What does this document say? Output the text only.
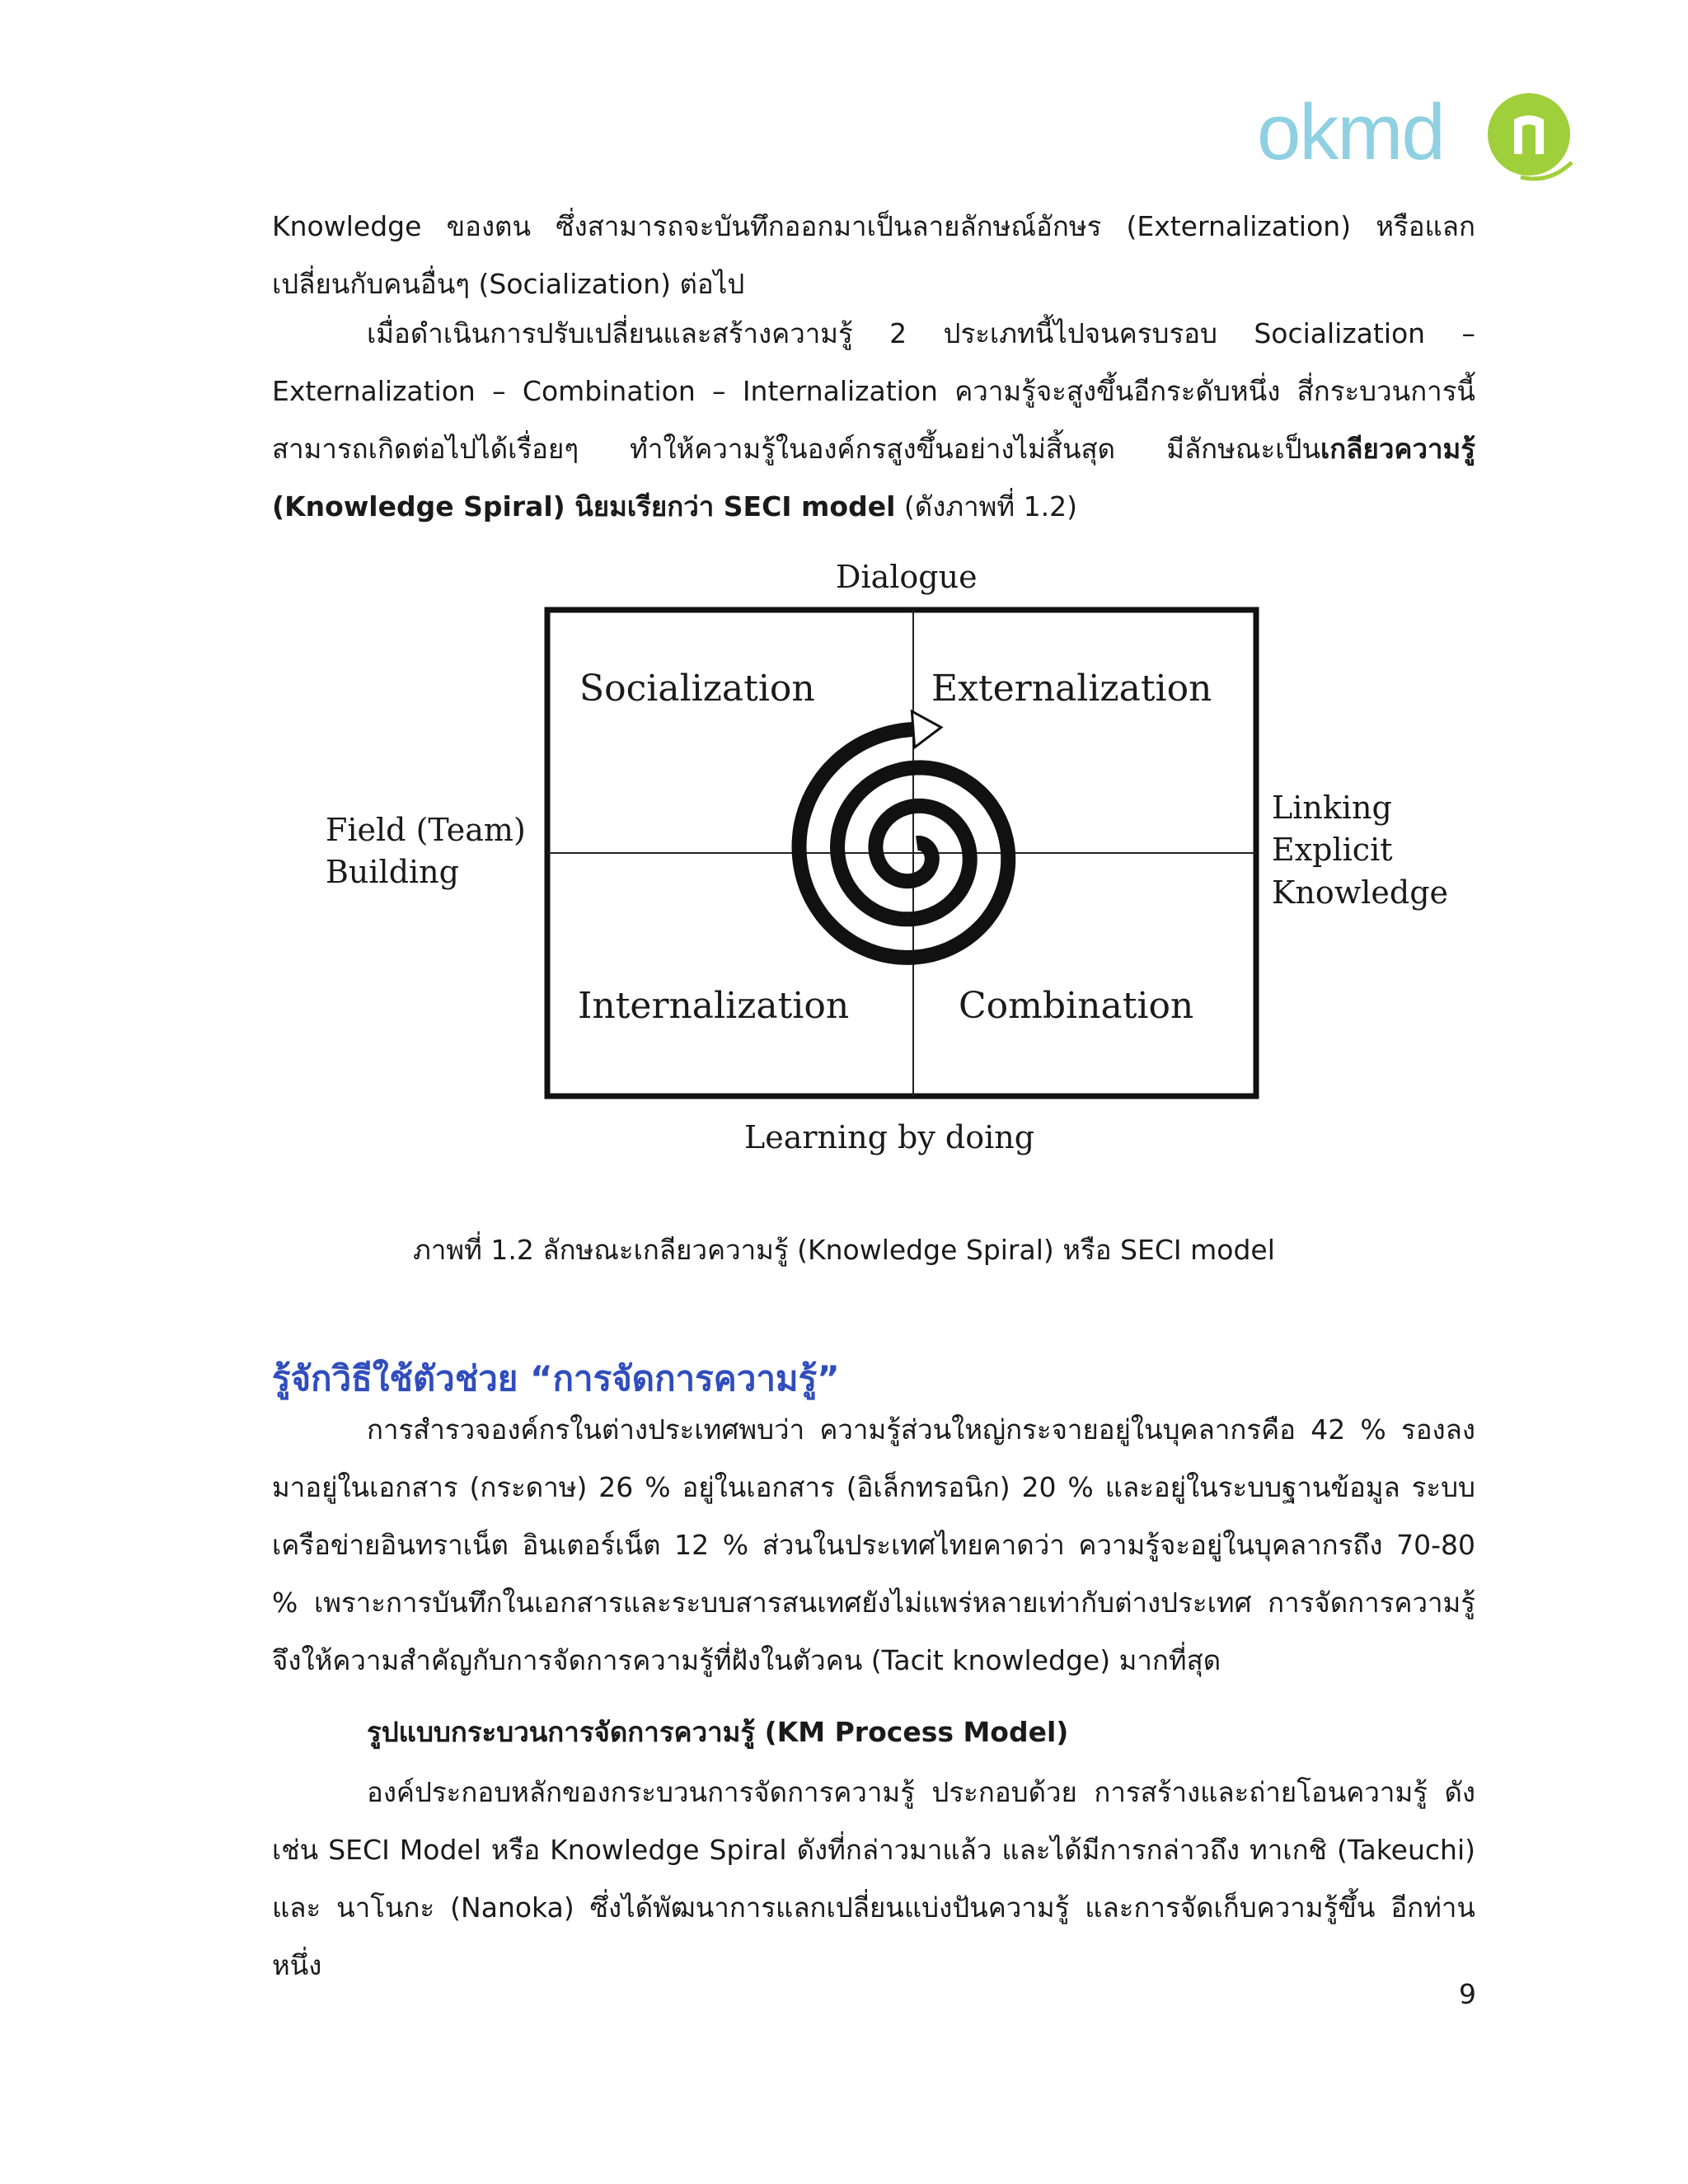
okmd

Knowledge ของตน ซึ่งสามารถจะบันทึกออกมาเป็นลายลักษณ์อักษร (Externalization) หรือแลกเปลี่ยนกับคนอื่นๆ (Socialization) ต่อไป

เมื่อดำเนินการปรับเปลี่ยนและสร้างความรู้ 2 ประเภทนี้ไปจนครบรอบ Socialization – Externalization – Combination – Internalization ความรู้จะสูงขึ้นอีกระดับหนึ่ง สี่กระบวนการนี้สามารถเกิดต่อไปได้เรื่อยๆ ทำให้ความรู้ในองค์กรสูงขึ้นอย่างไม่สิ้นสุด มีลักษณะเป็นเกลียวความรู้ (Knowledge Spiral) นิยมเรียกว่า SECI model (ดังภาพที่ 1.2)

Dialogue
Learning by doing
Field (Team)
Building
Linking
Explicit
Knowledge
Socialization	Externalization
Internalization	Combination
ภาพที่ 1.2 ลักษณะเกลียวความรู้ (Knowledge Spiral) หรือ SECI model
รู้จักวิธีใช้ตัวช่วย “การจัดการความรู้”

การสำรวจองค์กรในต่างประเทศพบว่า ความรู้ส่วนใหญ่กระจายอยู่ในบุคลากรคือ 42 % รองลงมาอยู่ในเอกสาร (กระดาษ) 26 % อยู่ในเอกสาร (อิเล็กทรอนิก) 20 % และอยู่ในระบบฐานข้อมูล ระบบเครือข่ายอินทราเน็ต อินเตอร์เน็ต 12 % ส่วนในประเทศไทยคาดว่า ความรู้จะอยู่ในบุคลากรถึง 70-80 % เพราะการบันทึกในเอกสารและระบบสารสนเทศยังไม่แพร่หลายเท่ากับต่างประเทศ การจัดการความรู้จึงให้ความสำคัญกับการจัดการความรู้ที่ฝังในตัวคน (Tacit knowledge) มากที่สุด

รูปแบบกระบวนการจัดการความรู้ (KM Process Model)

องค์ประกอบหลักของกระบวนการจัดการความรู้ ประกอบด้วย การสร้างและถ่ายโอนความรู้ ดังเช่น SECI Model หรือ Knowledge Spiral ดังที่กล่าวมาแล้ว และได้มีการกล่าวถึง ทาเกชิ (Takeuchi) และ นาโนกะ (Nanoka) ซึ่งได้พัฒนาการแลกเปลี่ยนแบ่งปันความรู้ และการจัดเก็บความรู้ขึ้น อีกท่านหนึ่ง

9
